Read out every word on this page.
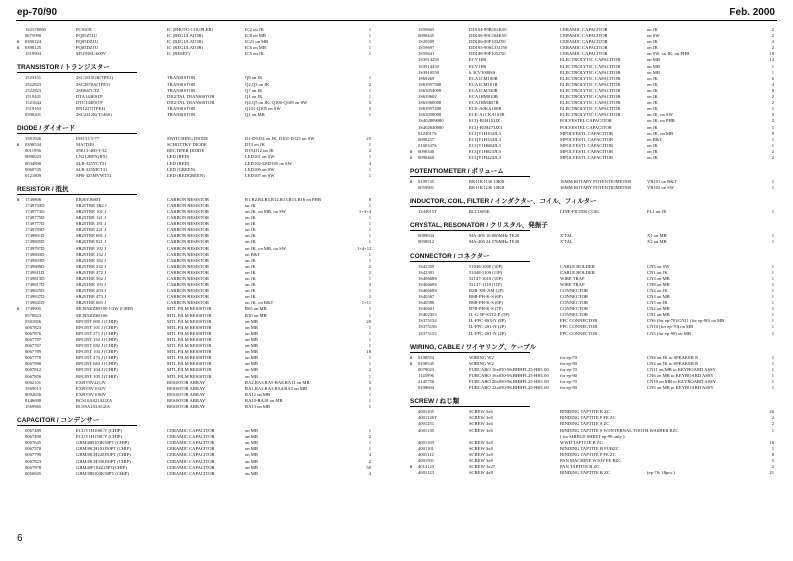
ep-70/90	Feb. 2000
1S2570060	PC910X	IC (PHOTO COUPLER)	IC2 on JK	1
0675090	PQ05Z51U	IC (REGULATOR)	IC8 on MB	1
#	0390124	PQ05DZ1U	IC (REGULATOR)	IC21 on MB	1
#	0390125	PQ05DZ1U	IC (REGULATOR)	IC6 on MB	1
1519904	M51958L-600V	IC (RESET)	IC5 on JK	1
TRANSISTOR / トランジスター
1523151	2SC1815GR(TPE2)	TRANSISTOR	Q8 on JK	1
1522823	2SC2878A(TPE2)	TRANSISTOR	Q2,Q3 on JK	2
1522823	2SD667CTZ	TRANSISTOR	Q7 on JK	1
1519441	DTA144ESTP	DIGITAL TRANSISTOR	Q1 on JK	1
1521644	DTC144ESTP	DIGITAL TRANSISTOR	Q4,Q5 on JK, Q106-Q108 on SW	5
1519163	RN1227(TPE4)	TRANSISTOR	Q101-Q105 on SW	5
0390201	2SC2412K(T146S)	TRANSISTOR	Q1 on MB	1
DIODE / ダイオード
1501926	ISS133 T-77	SWITCHING DIODE	D1-D9,D4 on JK, D101-D125 on SW	25
#	0390534	MA7D49	SCHOTTKY DIODE	D13 on JK	1
0011956	S5E13-400-T-32	RECTIFER DIODE	D19,D12 on JK	2
0090023	LN212RPX(RX)	LED (RED)	LED101 on SW	1
0034890	SLR-325VCT31	LED (RED)	LED102-LED105 on SW	4
0060745	SLR-325MCT31	LED (GREEN)	LED106 on SW	1
0121809	SPR-325MVWT31	LED (REDGREEN)	LED107 on SW	1
RESISTOR / 抵抗
#	1749806	ERJ6YJ680T	CARBON RESISTOR	R1,R2,R4,R5,R12,R13,R15,R16 on PHB	8
1749733D	SR25TRE 1R2 J	CARBON RESISTOR	on JK	1
1749773D	SR25TRE 101 J	CARBON RESISTOR	on JK, on MB, on SW	1+3+4
1749775D	SR25TRE 121 J	CARBON RESISTOR	on JK	1
1749777D	SR25TRE 181 J	CARBON RESISTOR	on JK	1
1749783D	SR25TRE 221 J	CARBON RESISTOR	on JK	1
1749801D	SR25TRE 681 J	CARBON RESISTOR	on JK	1
1749805D	SR25TRE 821 J	CARBON RESISTOR	on JK	1
1749797D	SR25TRE 102 J	CARBON RESISTOR	on JK, on MB, on SW	1+4+12
1749803D	SR25TRE 152 J	CARBON RESISTOR	on B&T	1
1749803D	SR25TRE 182 J	CARBON RESISTOR	on JK	1
1749809D	SR25TRE 332 J	CARBON RESISTOR	on JK	2
1749811D	SR25TRE 472 J	CARBON RESISTOR	on JK	2
1749813D	SR25TRE 562 J	CARBON RESISTOR	on JK	1
1749817D	SR25TRE 103 J	CARBON RESISTOR	on JK	3
1749825D	SR25TRE 203 J	CARBON RESISTOR	on JK	1
1749837D	SR25TRE 473 J	CARBON RESISTOR	on JK	2
1749841D	SR25TRE 683 J	CARBON RESISTOR	on JK, on B&T	1+11
#	1749905	MCR50JZHJ100 1/2W (CHIP)	MTL FILM RESISTOR	R65 on MB	1
0578823	MCR50JZHJ100	MTL FILM RESISTOR	R30 on MB	1
0301856	RPC05T 000 J (CHIP)	MTL FILM RESISTOR	on MB	20
0067823	RPC05T 101 J (CHIP)	MTL FILM RESISTOR	on MB	1
0067876	RPC05T 271 J (CHIP)	MTL FILM RESISTOR	on MB	1
0067787	RPC05T 152 J (CHIP)	MTL FILM RESISTOR	on MB	1
0067767	RPC05T 682 J (CHIP)	MTL FILM RESISTOR	on MB	1
0067789	RPC05T 103 J (CHIP)	MTL FILM RESISTOR	on MB	18
0067778	RPC05T 473 J (CHIP)	MTL FILM RESISTOR	on MB	1
0067990	RPC05T 683 J (CHIP)	MTL FILM RESISTOR	on MB	1
0067812	RPC05T 104 J (CHIP)	MTL FILM RESISTOR	on MB	2
0067856	RPC05T 105 J (CHIP)	MTL FILM RESISTOR	on MB	1
0062101	EXBV8V221JV	RESISTOR ARRAY	RA2,RA3,RA5-RA8,RA11 on MB	5
1569013	EXBV8V103JV	RESISTOR ARRAY	RA1,RA2,RA3,RA4,RA5 on MB	5
0092656	EXBV8V100JV	RESISTOR ARRAY	RA12 on MB	1
0146690	RCS10A821AGZA	RESISTOR ARRAY	RA10-RA18 on MB	1
1569965	RCS9A103AGZA	RESISTOR ARRAY	RA13 on MB	1
CAPACITOR / コンデンサー
0067489	ECUV1H100CV (CHIP)	CERAMIC CAPACITOR	on MB	1
0067490	ECUV1H150CV (CHIP)	CERAMIC CAPACITOR	on MB	2
0067645	GRM40B103K50PT (CHIP)	CERAMIC CAPACITOR	on MB	1
0067578	GRM39CH101J50PT (CHIP)	CERAMIC CAPACITOR	on MB	1
0067790	GRM39CH220J50PT (CHIP)	CERAMIC CAPACITOR	on MB	4
0067823	GRM39CH330J50PT (CHIP)	CERAMIC CAPACITOR	on MB	2
0067978	GRM40F104Z25PT(CHIP)	CERAMIC CAPACITOR	on MB	50
0056845	GRM39B103K50PT (CHIP)	CERAMIC CAPACITOR	on MB	4
1S59665	DD104-99B102K50	CERAMIC CAPACITOR	on JK	2
0090445	DD106-99C104K50	CERAMIC CAPACITOR	on SW	2
1S29509	DD106-99F103Z50	CERAMIC CAPACITOR	on JK	3
1S59697	DD105-99SL331J50	CERAMIC CAPACITOR	on JK	2
1S59641	DD108-99F105Z50	CERAMIC CAPACITOR	on SW, on JK, on PHB	18
1S3914250	ECV1HS	ELECTROLYTIC CAPACITOR	on MB	13
1S3914450	ECV1HS	ELECTROLYTIC CAPACITOR	on MB	1
1S3910550	6.3CV1000SS	ELECTROLYTIC CAPACITOR	on MB	1
1S69269	ECA1CM100B	ELECTROLYTIC CAPACITOR	on JK	6
1S63957500	ECA1CM101B	ELECTROLYTIC CAPACITOR	on JK	4
1S63054000	ECA1CM330B	ELECTROLYTIC CAPACITOR	on JK	8
1S639602	ECA1HM010B	ELECTROLYTIC CAPACITOR	on JK	2
1S63960000	ECA1HM4R7B	ELECTROLYTIC CAPACITOR	on JK	2
1S63957200	ECE-A0KA100B	ELECTROLYTIC CAPACITOR	on JK	1
1S63058000	ECE-A1CKA101B	ELECTROLYTIC CAPACITOR	on JK, on SW	5
1S402809000	ECQ-B1H153JZ	POLYESTEL CAPACITOR	on JK, on PHB	2
1S402630000	ECQ-B1H473JZ3	POLYESTEL CAPACITOR	on JK	1
0123017S	ECQV1H104JL3	MPOLYESTL CAPACITOR	on JK, on MB	9
0090257	ECQV1H334JL3	MPOLYESTL CAPACITOR	on B&T	1
0100347S	ECQV1H684JL3	MPOLYESTL CAPACITOR	on JK	1
#	0090340	ECQV1H823JL3	MPOLYESTL CAPACITOR	on JK	2
#	0090460	ECQV1H224JL3	MPOLYESTL CAPACITOR	on JK	2
POTENTIOMETER / ボリューム
#	0109745	RK11K1130 10KB	16MM ROTARY POTENTIOMETER	VR101 on B&T	1
0059901	RK11K1230 10KB	16MM ROTARY POTENTIOMETER	VR102 on SW	1
INDUCTOR, COIL, FILTER / インダクター、コイル、フィルター
1244915T	RLT1S05E	LINE-FILTER COIL	FL1 on JK	1
CRYSTAL, RESONATOR / クリスタル、発振子
0089034	MA-406 16.000MHz TE28	X'TAL	X1 on MB	1
0098912	MA-406 24.576MHz TE28	X'TAL	X2 on MB	1
CONNECTOR / コネクター
1S42359	51048-1000 (10P)	CABLE HOLDER	CN5 on SW	1
1S42303	51048-1100 (11P)	CABLE HOLDER	CN1 on JK	1
1S40668S	52147-1010 (10P)	WIRE TRAP	CN3 on MB	1
1S40668S	52147-1110 (11P)	WIRE TRAP	CN8 on MB	1
1S40668S	B2B-XH-AM (2P)	CONNECTOR	CN4 on JK	1
1S40567	B6B-PH-K-S (6P)	CONNECTOR	CN4 on MB	1
1S40586	B6B-PH-K-S (6P)	CONNECTOR	CN5 on JK	1
1S40601	B7B-PH-K-S (7P)	CONNECTOR	CN2 on MB	1
1S402353	IL-G-5P-S3T2-E (5P)	CONNECTOR	CN1 on MB	1
1S375154	IL-FPC-8S3-N (8P)	FPC CONNECTOR	CN6 (for ep-70)/CN11 (for ep-90) on MB	1
1S375156	IL-FPC-2S1-N (2P)	FPC CONNECTOR	CN10 (for ep-70) on MB	1
1S375155	IL-FPC-2S1-N (2P)	FPC CONNECTOR	CN5 (for ep-90) on MB	1
WIRING, CABLE / ワイヤリング、ケーブル
#	0108554	WIRING W2	for ep-70	CN4 on JK to SPEAKER R	1
#	0108545	WIRING W2	for ep-90	CN4 on JK to SPEAKER R	1
0079023	FURCABO 16x050-96,BHHFL25-HH1.00	for ep-70	CN11 on MB to KEYBOARD ASSY	1
1145996	FURCABO 16x050-96,BHHFL25-HH1.00	for ep-90	CN6 on MB to KEYBOARD ASSY	1
2145756	FURCABO 20x050-96,BHHFL25-HH1.00	for ep-70	CN10 on MB to KEYBOARD ASSY	1
0108604	FURCABO 22x050-96,BHHFL25-HH1.00	for ep-90	CN5 on MB to KEYBOARD ASSY	1
SCREW / ねじ類
4001105	SCREW 3x6	BINDING TAPTITE B ZC	26
4001126T	SCREW 3x8	BINDING TAPTITE P FE ZC	2
4001251	SCREW 3x6	BINDING TAPTITE S ZC	2
4001130	SCREW 3x6	BINDING TAPTITE S W/INTERNAL TOOTH WASHER BZC	1
( for SHIELD SHEET ep-90 only )
4001169	SCREW 3x8	WWH TAPTITE B ZC	16
4001101	SCREW 3x8	BINDING TAPTITE B FUBZC	1
4001112	SCREW 3x8	BINDING TAPTITE P FE ZC	8
4001501	SCREW 3x8	PAN MACHINE W/SW FE BZC	5
#	4014123	SCREW 3x27	PAN TAPTITE B ZC	2
4001123	SCREW 4x8	BINDING TAPTITE B ZC	(ep-70: 18pcs.)	21
6
